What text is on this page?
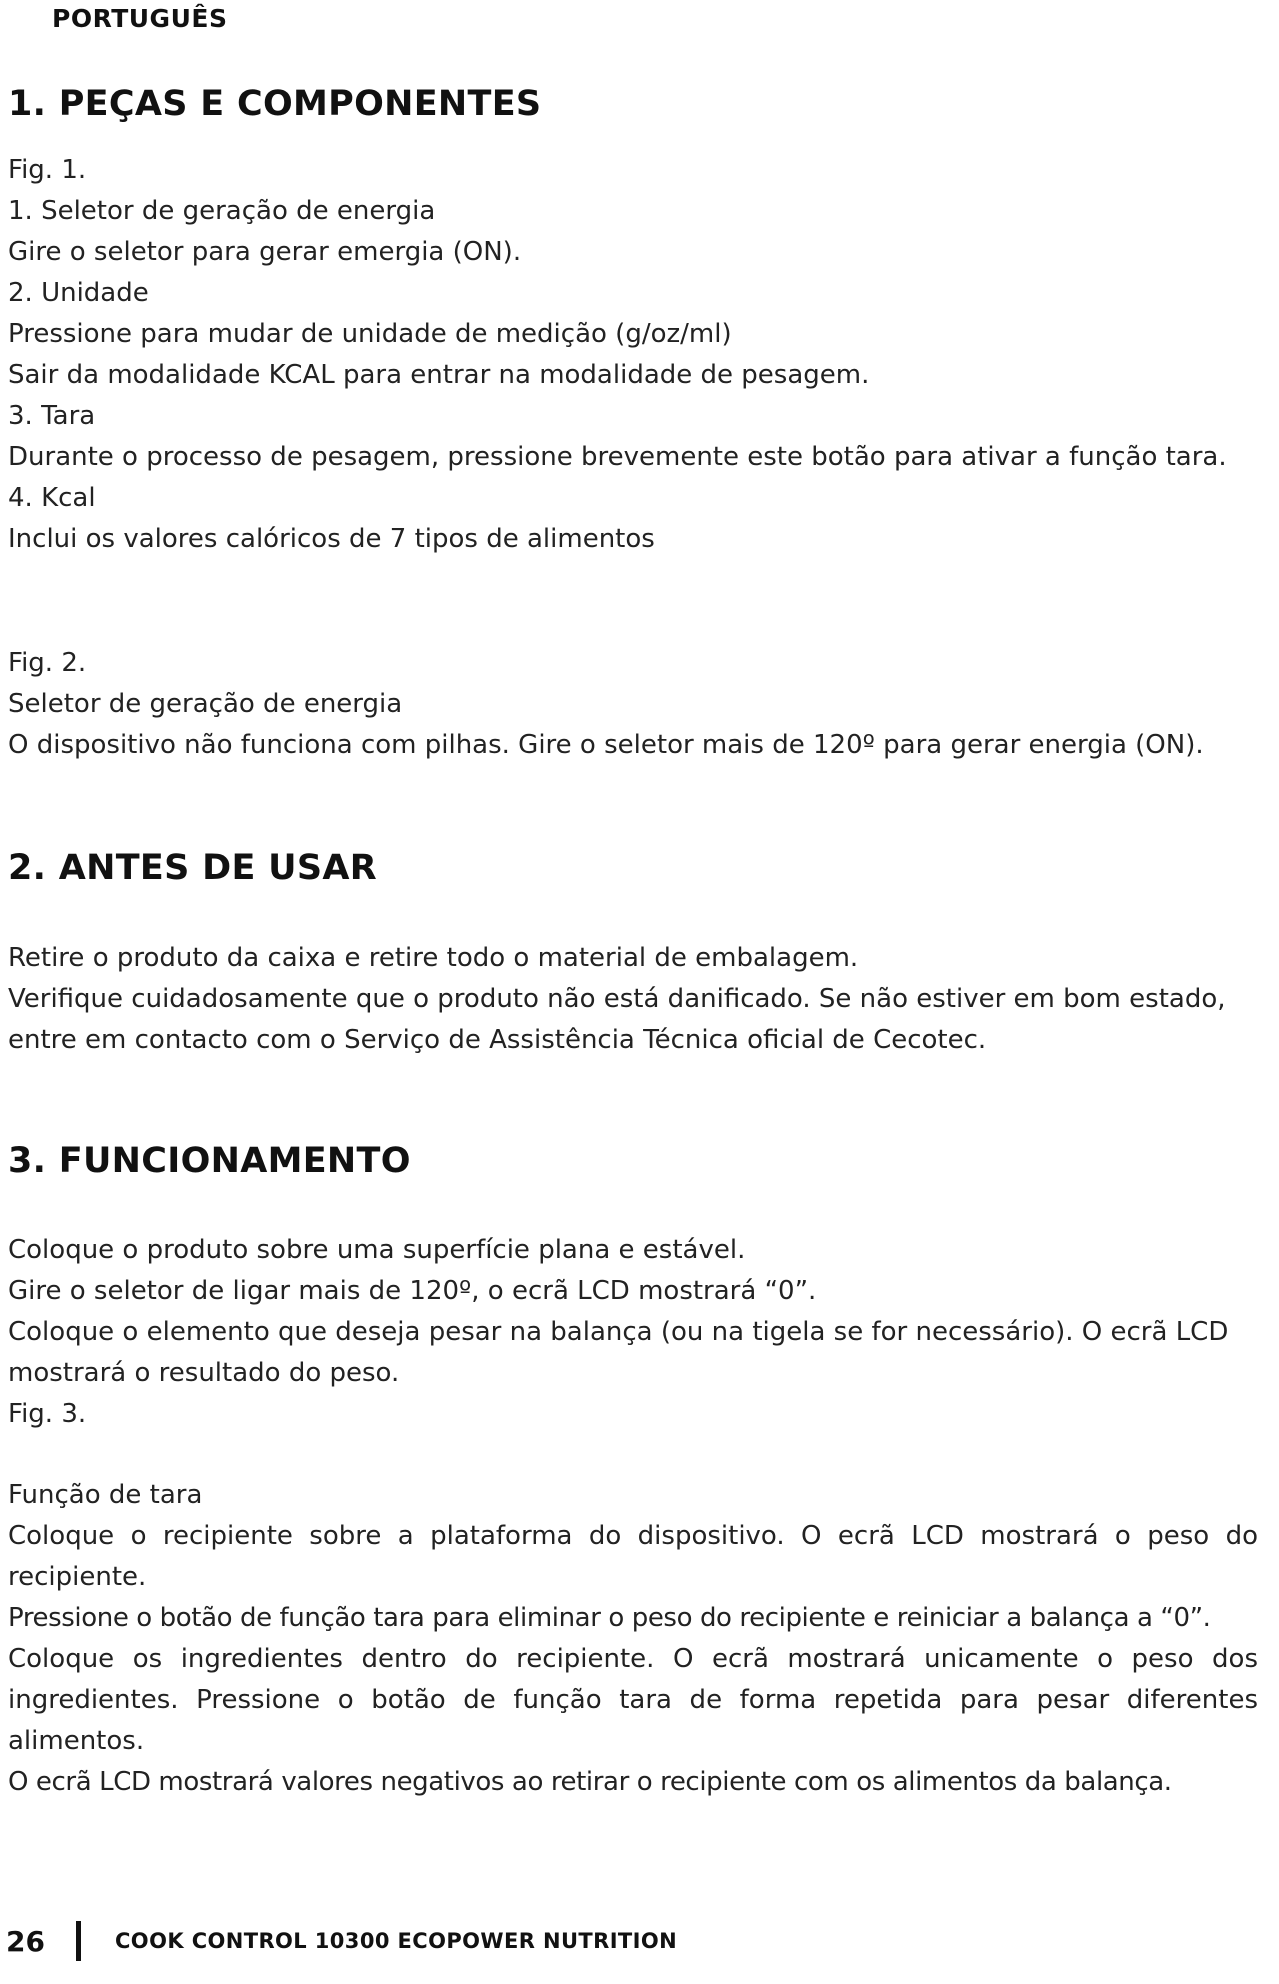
PORTUGUÊS
1. PEÇAS E COMPONENTES

Fig. 1.

1. Seletor de geração de energia

Gire o seletor para gerar emergia (ON).

2. Unidade

Pressione para mudar de unidade de medição (g/oz/ml)

Sair da modalidade KCAL para entrar na modalidade de pesagem.

3. Tara

Durante o processo de pesagem, pressione brevemente este botão para ativar a função tara.

4. Kcal

Inclui os valores calóricos de 7 tipos de alimentos

Fig. 2.

Seletor de geração de energia

O dispositivo não funciona com pilhas. Gire o seletor mais de 120º para gerar energia (ON).

2. ANTES DE USAR

Retire o produto da caixa e retire todo o material de embalagem.

Verifique cuidadosamente que o produto não está danificado. Se não estiver em bom estado, entre em contacto com o Serviço de Assistência Técnica oficial de Cecotec.

3. FUNCIONAMENTO

Coloque o produto sobre uma superfície plana e estável.

Gire o seletor de ligar mais de 120º, o ecrã LCD mostrará “0”.

Coloque o elemento que deseja pesar na balança (ou na tigela se for necessário). O ecrã LCD mostrará o resultado do peso.

Fig. 3.

Função de tara

Coloque o recipiente sobre a plataforma do dispositivo. O ecrã LCD mostrará o peso do recipiente.

Pressione o botão de função tara para eliminar o peso do recipiente e reiniciar a balança a “0”.

Coloque os ingredientes dentro do recipiente. O ecrã mostrará unicamente o peso dos ingredientes. Pressione o botão de função tara de forma repetida para pesar diferentes alimentos.

O ecrã LCD mostrará valores negativos ao retirar o recipiente com os alimentos da balança.

26	COOK CONTROL 10300 ECOPOWER NUTRITION
